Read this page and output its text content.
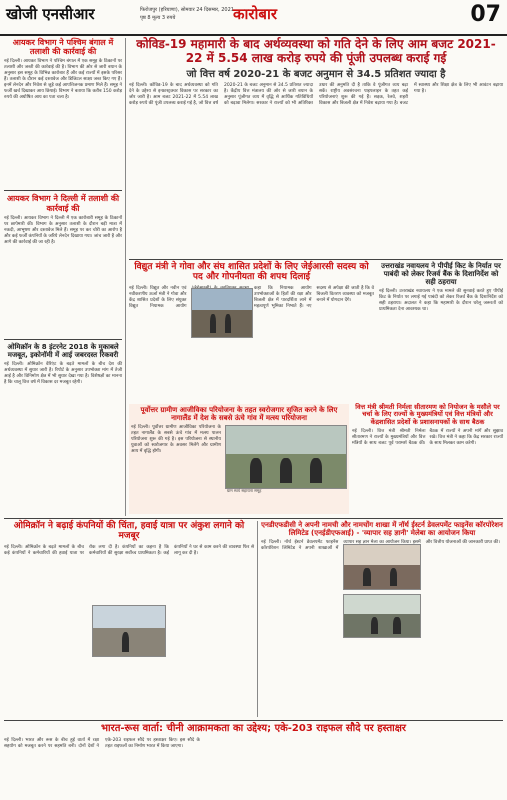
खोजी एनसीआर	फिरोजपुर (हरियाणा), सोमवार 24 दिसम्बर, 2021
पृष्ठ 8 मूल्य 3 रुपये	कारोबार	07
आयकर विभाग ने पश्चिम बंगाल में तलाशी की कार्रवाई की

नई दिल्ली। आयकर विभाग ने पश्चिम बंगाल में एक समूह के ठिकानों पर तलाशी और जब्ती की कार्रवाई की है। विभाग की ओर से जारी बयान के अनुसार इस समूह के विभिन्न कारोबार हैं और कई राज्यों में इसके परिसर हैं। तलाशी के दौरान कई दस्तावेज और डिजिटल साक्ष्य जब्त किए गए हैं। इनमें लेनदेन और निवेश से जुड़े कई आपत्तिजनक प्रमाण मिले हैं। समूह ने फर्जी खर्च दिखाकर आय छिपाई। विभाग ने बताया कि करीब 150 करोड़ रुपये की अघोषित आय का पता चला है।

आयकर विभाग ने दिल्ली में तलाशी की कार्रवाई की

नई दिल्ली। आयकर विभाग ने दिल्ली में एक कारोबारी समूह के ठिकानों पर छापेमारी की। विभाग के अनुसार तलाशी के दौरान बड़ी मात्रा में नकदी, आभूषण और दस्तावेज मिले हैं। समूह पर कर चोरी का आरोप है और कई फर्जी कंपनियों के जरिये लेनदेन दिखाया गया। जांच जारी है और आगे की कार्रवाई की जा रही है।

ओमिक्रॉन के 8 इंटरनेट 2018 के मुकाबले मजबूत, इकोनॉमी में आई जबरदस्त रिकवरी

नई दिल्ली। ओमिक्रॉन वेरिएंट के बढ़ते मामलों के बीच देश की अर्थव्यवस्था में सुधार जारी है। रिपोर्ट के अनुसार उपभोक्ता मांग में तेजी आई है और विनिर्माण क्षेत्र में भी सुधार देखा गया है। विशेषज्ञों का मानना है कि चालू वित्त वर्ष में विकास दर मजबूत रहेगी।

कोविड-19 महामारी के बाद अर्थव्यवस्था को गति देने के लिए आम बजट 2021-22 में 5.54 लाख करोड़ रुपये की पूंजी उपलब्ध कराई गई
जो वित्त वर्ष 2020-21 के बजट अनुमान से 34.5 प्रतिशत ज्यादा है

नई दिल्ली। कोविड-19 के बाद अर्थव्यवस्था को गति देने के उद्देश्य से इन्फ्रास्ट्रक्चर विकास पर सरकार का जोर जारी है। आम बजट 2021-22 में 5.54 लाख करोड़ रुपये की पूंजी उपलब्ध कराई गई है, जो वित्त वर्ष 2020-21 के बजट अनुमान से 34.5 प्रतिशत ज्यादा है। केंद्रीय वित्त मंत्रालय की ओर से जारी बयान के अनुसार पूंजीगत व्यय में वृद्धि से आर्थिक गतिविधियों को बढ़ावा मिलेगा। सरकार ने राज्यों को भी अतिरिक्त उधार की अनुमति दी है ताकि वे पूंजीगत व्यय बढ़ा सकें। राष्ट्रीय अवसंरचना पाइपलाइन के तहत कई परियोजनाएं शुरू की गई हैं। सड़क, रेलवे, शहरी विकास और बिजली क्षेत्र में निवेश बढ़ाया गया है। बजट में स्वास्थ्य और शिक्षा क्षेत्र के लिए भी आवंटन बढ़ाया गया है।

विद्युत मंत्री ने गोवा और संघ शासित प्रदेशों के लिए जेईआरसी सदस्य को पद और गोपनीयता की शपथ दिलाई

नई दिल्ली। विद्युत और नवीन एवं नवीकरणीय ऊर्जा मंत्री ने गोवा और केंद्र शासित प्रदेशों के लिए संयुक्त विद्युत नियामक आयोग                       कहा कि नियामक आयोग उपभोक्ताओं के हितों की रक्षा और बिजली क्षेत्र में पारदर्शिता लाने में महत्वपूर्ण भूमिका निभाते हैं। नए सदस्य से अपेक्षा की जाती है कि वे बिजली वितरण व्यवस्था को मजबूत बनाने में योगदान देंगे।

उत्तराखंड नवायलय ने पीपीई किट के निर्यात पर पाबंदी को लेकर रिजर्व बैंक के दिशानिर्देश को सही ठहराया

नई दिल्ली। उत्तराखंड नवायलय ने एक मामले की सुनवाई करते हुए पीपीई किट के निर्यात पर लगाई गई पाबंदी को लेकर रिजर्व बैंक के दिशानिर्देश को सही ठहराया। अदालत ने कहा कि महामारी के दौरान घरेलू जरूरतों को प्राथमिकता देना आवश्यक था।

पूर्वोत्तर ग्रामीण आजीविका परियोजना के तहत स्वरोजगार सृजित करने के लिए नागालैंड में देश के सबसे ऊंचे गांव में मत्स्य परियोजना

नई दिल्ली। पूर्वोत्तर ग्रामीण आजीविका परियोजना के तहत नागालैंड के सबसे ऊंचे गांव में मत्स्य पालन परियोजना शुरू की गई है। इस परियोजना से स्थानीय युवाओं को स्वरोजगार के अवसर मिलेंगे और ग्रामीण आय में वृद्धि होगी।

ग्राम स्वयं सहायता समूह
वित्त मंत्री श्रीमती निर्मला सीतारमण को नियोजन के मसौले पर चर्चा के लिए राज्यों के मुख्यमंत्रियों एवं वित्त मंत्रियों और केंद्रशासित प्रदेशों के प्रशासनायकों के साथ बैठक

नई दिल्ली। वित्त मंत्री श्रीमती निर्मला सीतारमण ने राज्यों के मुख्यमंत्रियों और वित्त मंत्रियों के साथ बजट पूर्व परामर्श बैठक की। बैठक में राज्यों ने अपनी मांगें और सुझाव रखे। वित्त मंत्री ने कहा कि केंद्र सरकार राज्यों के साथ मिलकर काम करेगी।

ओमिक्रॉन ने बढ़ाई कंपनियों की चिंता, हवाई यात्रा पर अंकुश लगाने को मजबूर

नई दिल्ली। ओमिक्रॉन के बढ़ते मामलों के बीच कई कंपनियों ने कर्मचारियों की हवाई यात्रा पर रोक लगा दी है। कंपनियों का कहना है कि कर्मचारियों की सुरक्षा सर्वोच्च प्राथमिकता है। कई कंपनियों ने घर से काम करने की व्यवस्था फिर से लागू कर दी है।

एनडीएफडीसी ने अपनी नामची और नामचोंग शाखा में नॉर्थ ईस्टर्न डेवलपमेंट फाइनेंस कॉरपोरेशन लिमिटेड (एनईडीएफआई) - 'व्यापार सह ज्ञानी' मेलेबा का आयोजन किया

नई दिल्ली। नॉर्थ ईस्टर्न डेवलपमेंट फाइनेंस कॉरपोरेशन लिमिटेड ने अपनी शाखाओं में व्यापार सह ज्ञान मेला का आयोजन किया। इसमें        और वित्तीय योजनाओं की जानकारी प्राप्त की।

भारत-रूस वार्ता: चीनी आक्रामकता का उद्देश्य; एके-203 राइफल सौदे पर हस्ताक्षर

नई दिल्ली। भारत और रूस के बीच हुई वार्ता में रक्षा सहयोग को मजबूत करने पर सहमति बनी। दोनों देशों ने एके-203 राइफल सौदे पर हस्ताक्षर किए। इस सौदे के तहत राइफलों का निर्माण भारत में किया जाएगा।
